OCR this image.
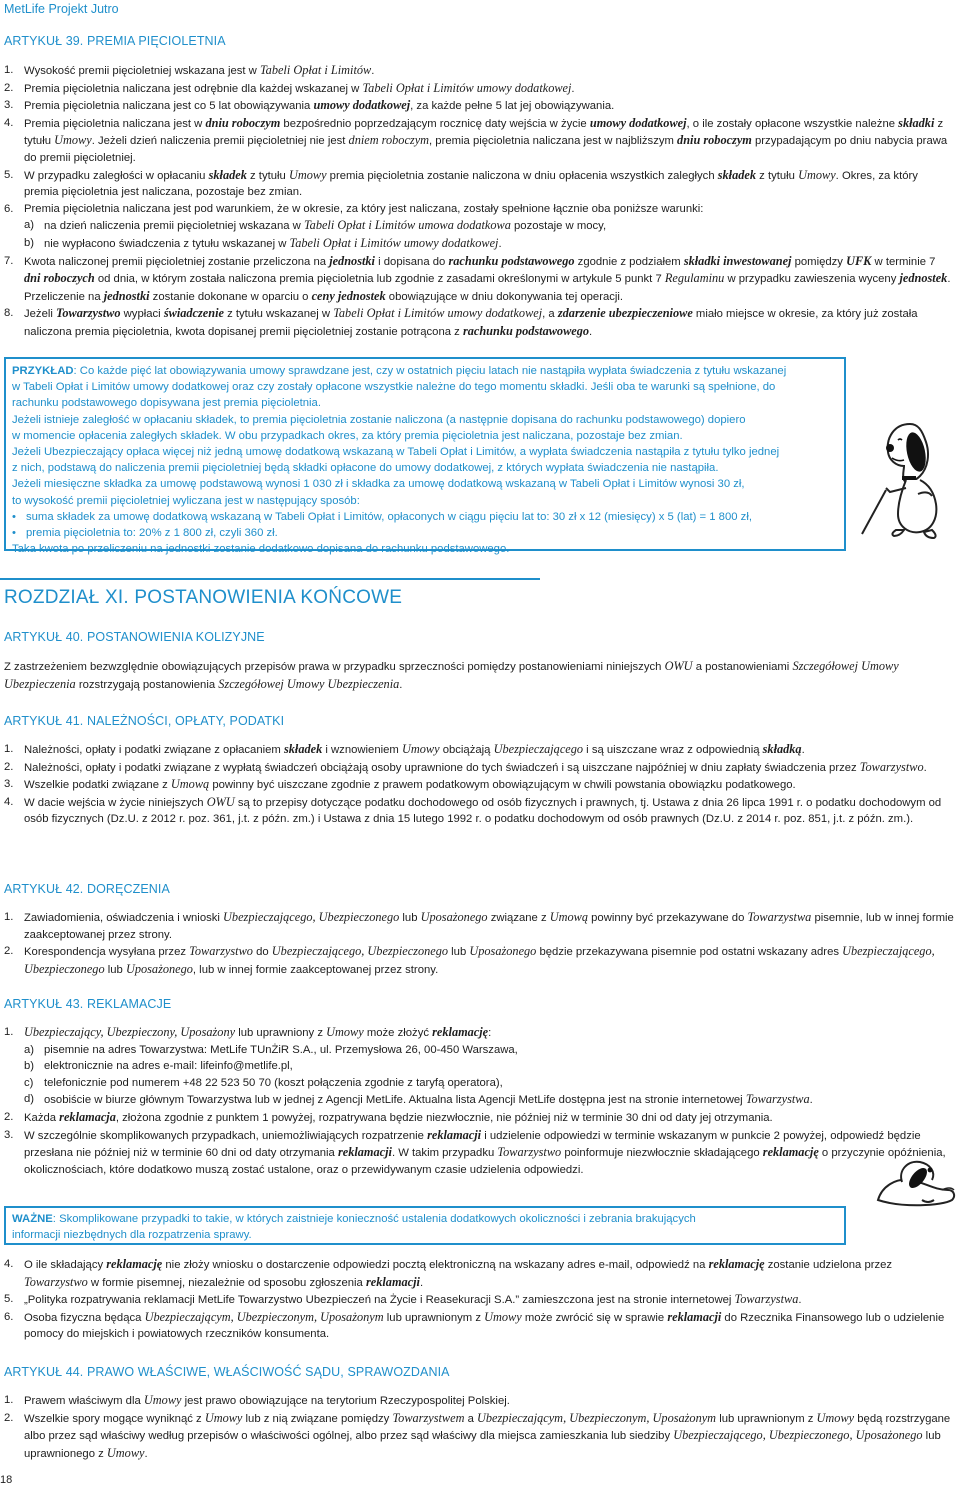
MetLife Projekt Jutro
ARTYKUŁ 39. PREMIA PIĘCIOLETNIA
1. Wysokość premii pięcioletniej wskazana jest w Tabeli Opłat i Limitów.
2. Premia pięcioletnia naliczana jest odrębnie dla każdej wskazanej w Tabeli Opłat i Limitów umowy dodatkowej.
3. Premia pięcioletnia naliczana jest co 5 lat obowiązywania umowy dodatkowej, za każde pełne 5 lat jej obowiązywania.
4. Premia pięcioletnia naliczana jest w dniu roboczym bezpośrednio poprzedzającym rocznicę daty wejścia w życie umowy dodatkowej, o ile zostały opłacone wszystkie należne składki z tytułu Umowy. Jeżeli dzień naliczenia premii pięcioletniej nie jest dniem roboczym, premia pięcioletnia naliczana jest w najbliższym dniu roboczym przypadającym po dniu nabycia prawa do premii pięcioletniej.
5. W przypadku zaległości w opłacaniu składek z tytułu Umowy premia pięcioletnia zostanie naliczona w dniu opłacenia wszystkich zaległych składek z tytułu Umowy. Okres, za który premia pięcioletnia jest naliczana, pozostaje bez zmian.
6. Premia pięcioletnia naliczana jest pod warunkiem, że w okresie, za który jest naliczana, zostały spełnione łącznie oba poniższe warunki:
a) na dzień naliczenia premii pięcioletniej wskazana w Tabeli Opłat i Limitów umowa dodatkowa pozostaje w mocy,
b) nie wypłacono świadczenia z tytułu wskazanej w Tabeli Opłat i Limitów umowy dodatkowej.
7. Kwota naliczonej premii pięcioletniej zostanie przeliczona na jednostki i dopisana do rachunku podstawowego zgodnie z podziałem składki inwestowanej pomiędzy UFK w terminie 7 dni roboczych od dnia, w którym została naliczona premia pięcioletnia lub zgodnie z zasadami określonymi w artykule 5 punkt 7 Regulaminu w przypadku zawieszenia wyceny jednostek. Przeliczenie na jednostki zostanie dokonane w oparciu o ceny jednostek obowiązujące w dniu dokonywania tej operacji.
8. Jeżeli Towarzystwo wypłaci świadczenie z tytułu wskazanej w Tabeli Opłat i Limitów umowy dodatkowej, a zdarzenie ubezpieczeniowe miało miejsce w okresie, za który już została naliczona premia pięcioletnia, kwota dopisanej premii pięcioletniej zostanie potrącona z rachunku podstawowego.
PRZYKŁAD: Co każde pięć lat obowiązywania umowy sprawdzane jest, czy w ostatnich pięciu latach nie nastąpiła wypłata świadczenia z tytułu wskazanej
w Tabeli Opłat i Limitów umowy dodatkowej oraz czy zostały opłacone wszystkie należne do tego momentu składki. Jeśli oba te warunki są spełnione, do
rachunku podstawowego dopisywana jest premia pięcioletnia.
Jeżeli istnieje zaległość w opłacaniu składek, to premia pięcioletnia zostanie naliczona (a następnie dopisana do rachunku podstawowego) dopiero
w momencie opłacenia zaległych składek. W obu przypadkach okres, za który premia pięcioletnia jest naliczana, pozostaje bez zmian.
Jeżeli Ubezpieczający opłaca więcej niż jedną umowę dodatkową wskazaną w Tabeli Opłat i Limitów, a wypłata świadczenia nastąpiła z tytułu tylko jednej
z nich, podstawą do naliczenia premii pięcioletniej będą składki opłacone do umowy dodatkowej, z których wypłata świadczenia nie nastąpiła.
Jeżeli miesięczne składka za umowę podstawową wynosi 1 030 zł i składka za umowę dodatkową wskazaną w Tabeli Opłat i Limitów wynosi 30 zł,
to wysokość premii pięcioletniej wyliczana jest w następujący sposób:
• suma składek za umowę dodatkową wskazaną w Tabeli Opłat i Limitów, opłaconych w ciągu pięciu lat to: 30 zł x 12 (miesięcy) x 5 (lat) = 1 800 zł,
• premia pięcioletnia to: 20% z 1 800 zł, czyli 360 zł.
Taka kwota po przeliczeniu na jednostki zostanie dodatkowo dopisana do rachunku podstawowego.
ROZDZIAŁ XI. POSTANOWIENIA KOŃCOWE
ARTYKUŁ 40. POSTANOWIENIA KOLIZYJNE
Z zastrzeżeniem bezwzględnie obowiązujących przepisów prawa w przypadku sprzeczności pomiędzy postanowieniami niniejszych OWU a postanowieniami Szczegółowej Umowy Ubezpieczenia rozstrzygają postanowienia Szczegółowej Umowy Ubezpieczenia.
ARTYKUŁ 41. NALEŻNOŚCI, OPŁATY, PODATKI
1. Należności, opłaty i podatki związane z opłacaniem składek i wznowieniem Umowy obciążają Ubezpieczającego i są uiszczane wraz z odpowiednią składką.
2. Należności, opłaty i podatki związane z wypłatą świadczeń obciążają osoby uprawnione do tych świadczeń i są uiszczane najpóźniej w dniu zapłaty świadczenia przez Towarzystwo.
3. Wszelkie podatki związane z Umową powinny być uiszczane zgodnie z prawem podatkowym obowiązującym w chwili powstania obowiązku podatkowego.
4. W dacie wejścia w życie niniejszych OWU są to przepisy dotyczące podatku dochodowego od osób fizycznych i prawnych, tj. Ustawa z dnia 26 lipca 1991 r. o podatku dochodowym od osób fizycznych (Dz.U. z 2012 r. poz. 361, j.t. z późn. zm.) i Ustawa z dnia 15 lutego 1992 r. o podatku dochodowym od osób prawnych (Dz.U. z 2014 r. poz. 851, j.t. z późn. zm.).
ARTYKUŁ 42. DORĘCZENIA
1. Zawiadomienia, oświadczenia i wnioski Ubezpieczającego, Ubezpieczonego lub Uposażonego związane z Umową powinny być przekazywane do Towarzystwa pisemnie, lub w innej formie zaakceptowanej przez strony.
2. Korespondencja wysyłana przez Towarzystwo do Ubezpieczającego, Ubezpieczonego lub Uposażonego będzie przekazywana pisemnie pod ostatni wskazany adres Ubezpieczającego, Ubezpieczonego lub Uposażonego, lub w innej formie zaakceptowanej przez strony.
ARTYKUŁ 43. REKLAMACJE
1. Ubezpieczający, Ubezpieczony, Uposażony lub uprawniony z Umowy może złożyć reklamację:
a) pisemnie na adres Towarzystwa: MetLife TUnŻiR S.A., ul. Przemysłowa 26, 00-450 Warszawa,
b) elektronicznie na adres e-mail: lifeinfo@metlife.pl,
c) telefonicznie pod numerem +48 22 523 50 70 (koszt połączenia zgodnie z taryfą operatora),
d) osobiście w biurze głównym Towarzystwa lub w jednej z Agencji MetLife. Aktualna lista Agencji MetLife dostępna jest na stronie internetowej Towarzystwa.
2. Każda reklamacja, złożona zgodnie z punktem 1 powyżej, rozpatrywana będzie niezwłocznie, nie później niż w terminie 30 dni od daty jej otrzymania.
3. W szczególnie skomplikowanych przypadkach, uniemożliwiających rozpatrzenie reklamacji i udzielenie odpowiedzi w terminie wskazanym w punkcie 2 powyżej, odpowiedź będzie przesłana nie później niż w terminie 60 dni od daty otrzymania reklamacji. W takim przypadku Towarzystwo poinformuje niezwłocznie składającego reklamację o przyczynie opóźnienia, okolicznościach, które dodatkowo muszą zostać ustalone, oraz o przewidywanym czasie udzielenia odpowiedzi.
WAŻNE: Skomplikowane przypadki to takie, w których zaistnieje konieczność ustalenia dodatkowych okoliczności i zebrania brakujących
informacji niezbędnych dla rozpatrzenia sprawy.
4. O ile składający reklamację nie złoży wniosku o dostarczenie odpowiedzi pocztą elektroniczną na wskazany adres e-mail, odpowiedź na reklamację zostanie udzielona przez Towarzystwo w formie pisemnej, niezależnie od sposobu zgłoszenia reklamacji.
5. „Polityka rozpatrywania reklamacji MetLife Towarzystwo Ubezpieczeń na Życie i Reasekuracji S.A.” zamieszczona jest na stronie internetowej Towarzystwa.
6. Osoba fizyczna będąca Ubezpieczającym, Ubezpieczonym, Uposażonym lub uprawnionym z Umowy może zwrócić się w sprawie reklamacji do Rzecznika Finansowego lub o udzielenie pomocy do miejskich i powiatowych rzeczników konsumenta.
ARTYKUŁ 44. PRAWO WŁAŚCIWE, WŁAŚCIWOŚĆ SĄDU, SPRAWOZDANIA
1. Prawem właściwym dla Umowy jest prawo obowiązujące na terytorium Rzeczypospolitej Polskiej.
2. Wszelkie spory mogące wyniknąć z Umowy lub z nią związane pomiędzy Towarzystwem a Ubezpieczającym, Ubezpieczonym, Uposażonym lub uprawnionym z Umowy będą rozstrzygane albo przez sąd właściwy według przepisów o właściwości ogólnej, albo przez sąd właściwy dla miejsca zamieszkania lub siedziby Ubezpieczającego, Ubezpieczonego, Uposażonego lub uprawnionego z Umowy.
18
